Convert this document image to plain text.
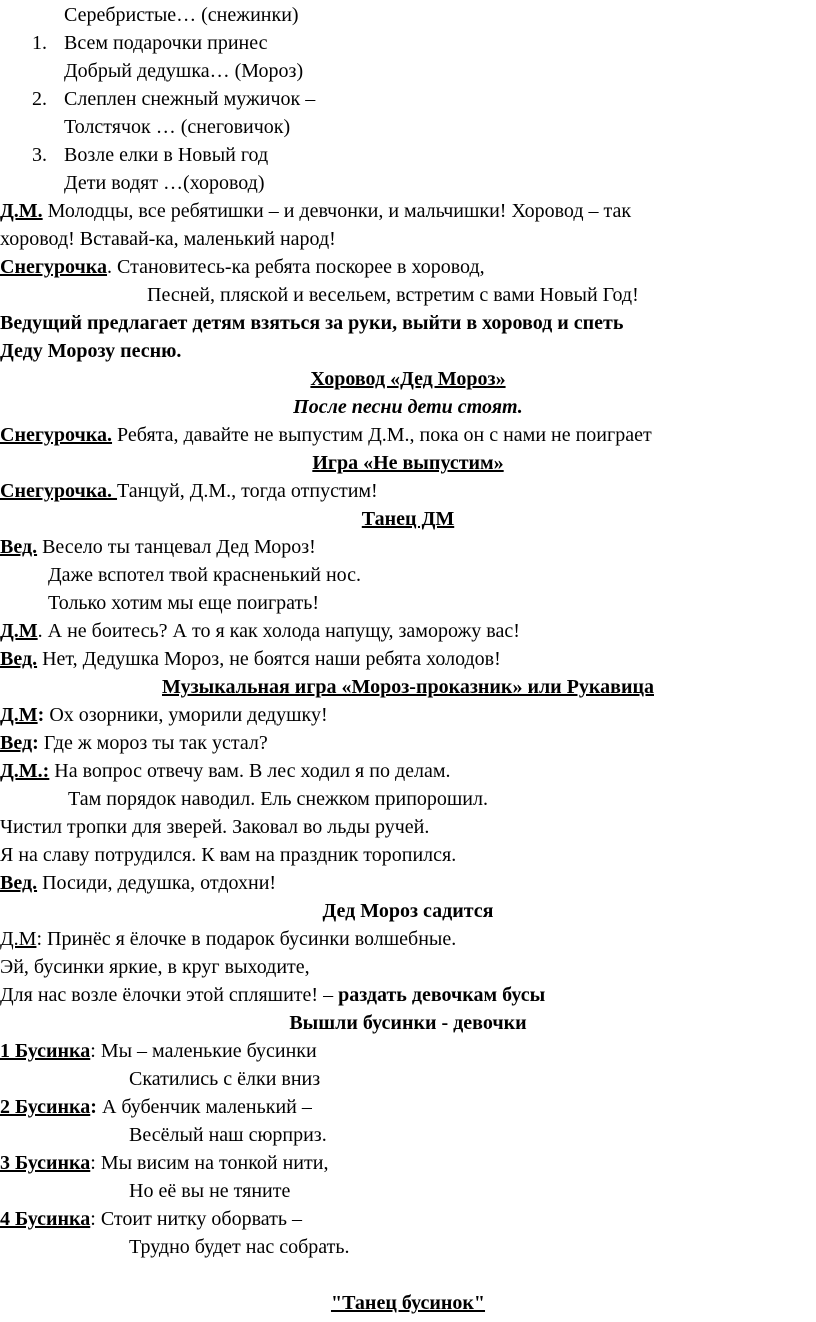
Серебристые… (снежинки)
1. Всем подарочки принес
Добрый дедушка… (Мороз)
2. Слеплен снежный мужичок –
Толстячок … (снеговичок)
3. Возле елки в Новый год
Дети водят …(хоровод)
Д.М. Молодцы, все ребятишки – и девчонки, и мальчишки! Хоровод – так
хоровод! Вставай-ка, маленький народ!
Снегурочка. Становитесь-ка ребята поскорее в хоровод,
Песней, пляской и весельем, встретим с вами Новый Год!
Ведущий предлагает детям взяться за руки, выйти в хоровод и спеть
Деду Морозу песню.
Хоровод «Дед Мороз»
После песни дети стоят.
Снегурочка. Ребята, давайте не выпустим Д.М., пока он с нами не поиграет
Игра «Не выпустим»
Снегурочка. Танцуй, Д.М., тогда отпустим!
Танец ДМ
Вед. Весело ты танцевал Дед Мороз!
Даже вспотел твой красненький нос.
Только хотим мы еще поиграть!
Д.М. А не боитесь? А то я как холода напущу, заморожу вас!
Вед. Нет, Дедушка Мороз, не боятся наши ребята холодов!
Музыкальная игра «Мороз-проказник» или Рукавица
Д.М: Ох озорники, уморили дедушку!
Вед: Где ж мороз ты так устал?
Д.М.: На вопрос отвечу вам. В лес ходил я по делам.
Там порядок наводил. Ель снежком припорошил.
Чистил тропки для зверей. Заковал во льды ручей.
Я на славу потрудился. К вам на праздник торопился.
Вед. Посиди, дедушка, отдохни!
Дед Мороз садится
Д.М: Принёс я ёлочке в подарок бусинки волшебные.
Эй, бусинки яркие, в круг выходите,
Для нас возле ёлочки этой спляшите! – раздать девочкам бусы
Вышли бусинки - девочки
1 Бусинка: Мы – маленькие бусинки
Скатились с ёлки вниз
2 Бусинка: А бубенчик маленький –
Весёлый наш сюрприз.
3 Бусинка: Мы висим на тонкой нити,
Но её вы не тяните
4 Бусинка: Стоит нитку оборвать –
Трудно будет нас собрать.
"Танец бусинок"
